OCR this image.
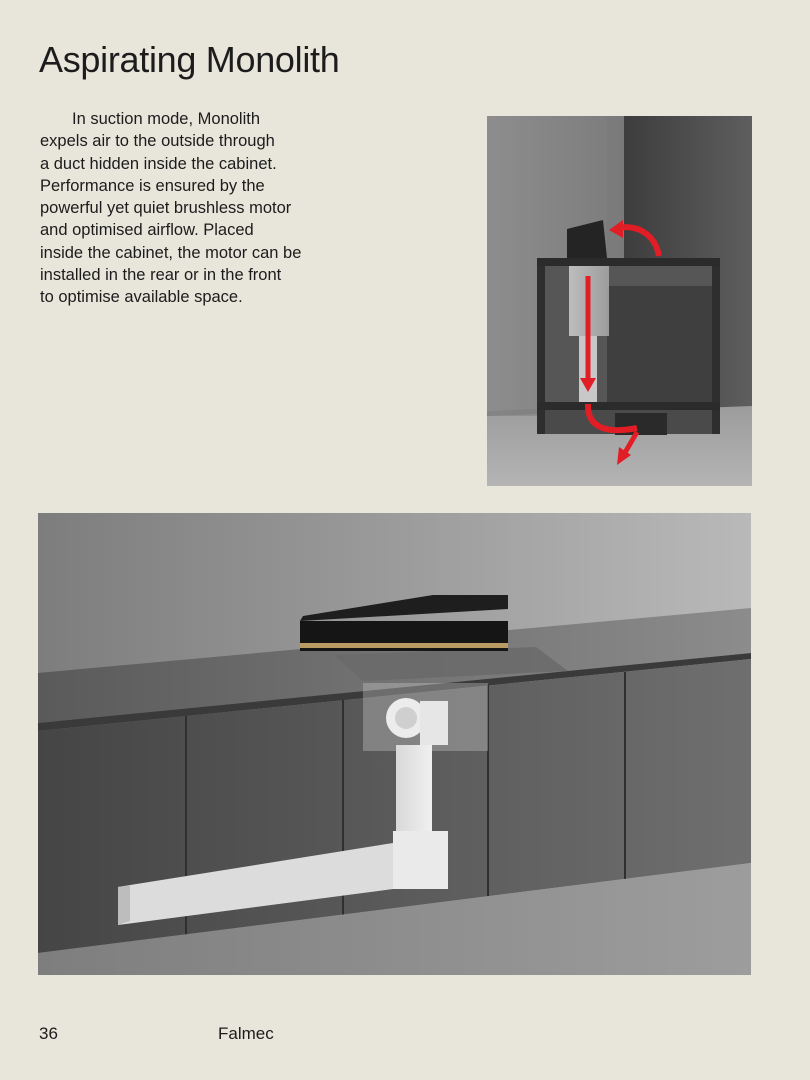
Aspirating Monolith

In suction mode, Monolith
expels air to the outside through
a duct hidden inside the cabinet.
Performance is ensured by the
powerful yet quiet brushless motor
and optimised airflow. Placed
inside the cabinet, the motor can be
installed in the rear or in the front
to optimise available space.

36	Falmec
